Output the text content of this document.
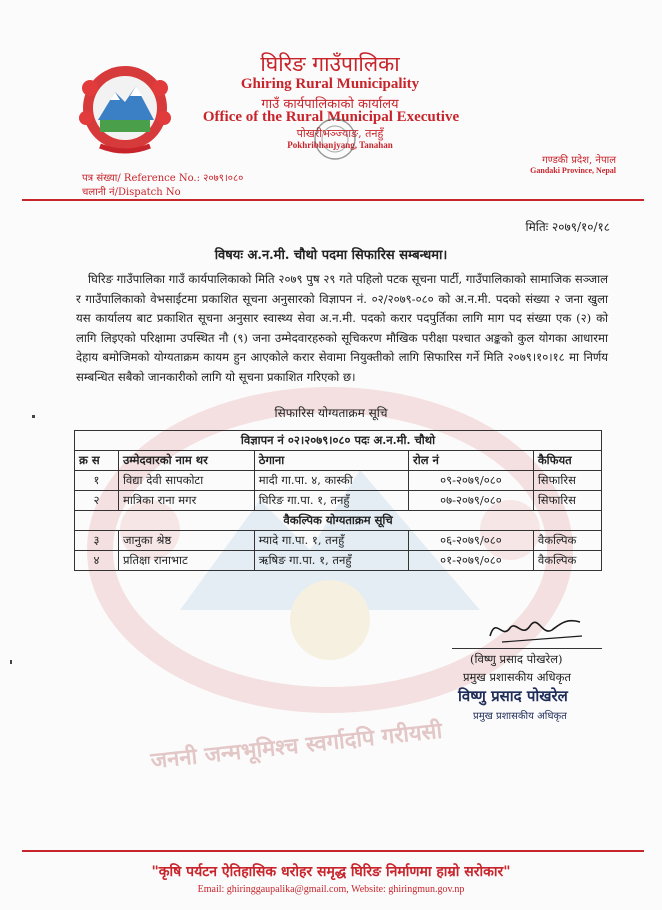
जननी जन्मभूमिश्च स्वर्गादपि गरीयसी
घिरिङ गाउँपालिका
Ghiring Rural Municipality
गाउँ कार्यपालिकाको कार्यालय
Office of the Rural Municipal Executive
पोखरीभञ्ज्याङ, तनहुँ
Pokhribhanjyang, Tanahan
पत्र संख्या/ Reference No.: २०७९।०८०
चलानी नं/Dispatch No
गण्डकी प्रदेश, नेपाल
Gandaki Province, Nepal
मितिः २०७९/१०/१८
विषयः अ.न.मी. चौथो पदमा सिफारिस सम्बन्धमा।
घिरिङ गाउँपालिका गाउँ कार्यपालिकाको मिति २०७९ पुष २९ गते पहिलो पटक सूचना पार्टी, गाउँपालिकाको सामाजिक सञ्जाल र गाउँपालिकाको वेभसाईटमा प्रकाशित सूचना अनुसारको विज्ञापन नं. ०२/२०७९-०८० को अ.न.मी. पदको संख्या २ जना खुला यस कार्यालय बाट प्रकाशित सूचना अनुसार स्वास्थ्य सेवा अ.न.मी. पदको करार पदपुर्तिका लागि माग पद संख्या एक (२) को लागि लिइएको परिक्षामा उपस्थित नौ (९) जना उम्मेदवारहरुको सूचिकरण मौखिक परीक्षा पश्चात अङ्कको कुल योगका आधारमा देहाय बमोजिमको योग्यताक्रम कायम हुन आएकोले करार सेवामा नियुक्तीको लागि सिफारिस गर्ने मिति २०७९।१०।१८ मा निर्णय सम्बन्धित सबैको जानकारीको लागि यो सूचना प्रकाशित गरिएको छ।
सिफारिस योग्यताक्रम सूचि
विज्ञापन नं ०२।२०७९।०८० पदः अ.न.मी. चौथो				
क्र स	उम्मेदवारको नाम थर	ठेगाना	रोल नं	कैफियत
१	विद्या देवी सापकोटा	मादी गा.पा. ४, कास्की	०९-२०७९/०८०	सिफारिस
२	मात्रिका राना मगर	घिरिङ गा.पा. १, तनहुँ	०७-२०७९/०८०	सिफारिस
वैकल्पिक योग्यताक्रम सूचि				
३	जानुका श्रेष्ठ	म्यादे गा.पा. १, तनहुँ	०६-२०७९/०८०	वैकल्पिक
४	प्रतिक्षा रानाभाट	ऋषिङ गा.पा. १, तनहुँ	०१-२०७९/०८०	वैकल्पिक
(विष्णु प्रसाद पोखरेल)
प्रमुख प्रशासकीय अधिकृत
विष्णु प्रसाद पोखरेल
प्रमुख प्रशासकीय अधिकृत
"कृषि पर्यटन ऐतिहासिक धरोहर समृद्ध घिरिङ निर्माणमा हाम्रो सरोकार"
Email: ghiringgaupalika@gmail.com, Website: ghiringmun.gov.np
